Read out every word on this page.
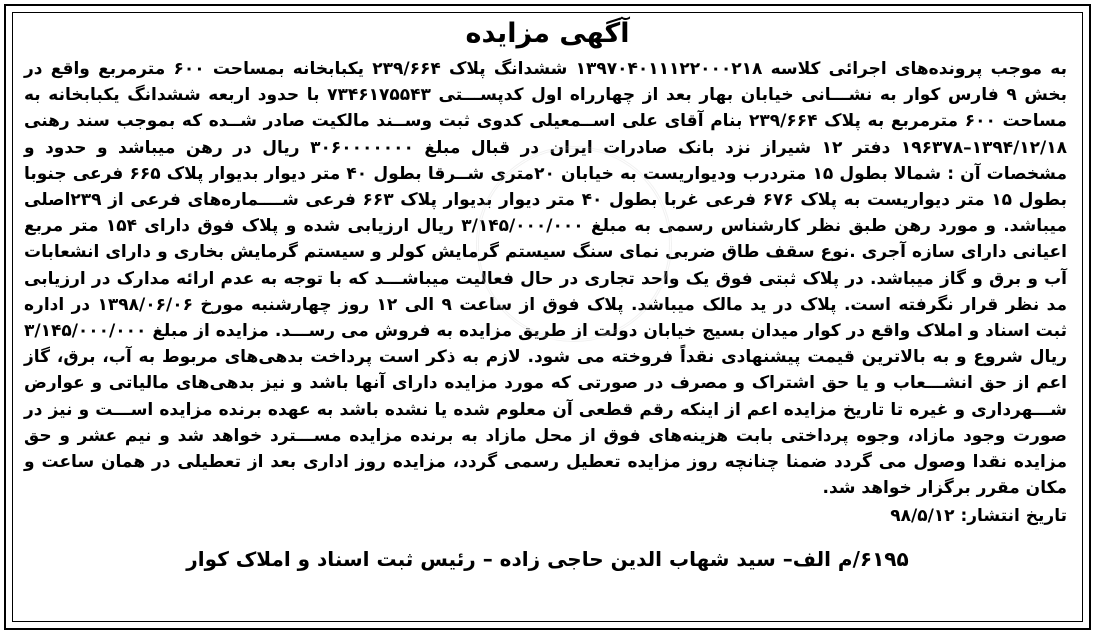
آگهی مزایده

به موجب پرونده‌های اجرائی کلاسه ۱۳۹۷۰۴۰۱۱۱۲۲۰۰۰۲۱۸ ششدانگ پلاک ۲۳۹/۶۶۴ یکبابخانه بمساحت ۶۰۰ مترمربع واقع در بخش ۹ فارس کوار به نشـــانی خیابان بهار بعد از چهارراه اول کدپســـتی ۷۳۴۶۱۷۵۵۴۳ با حدود اربعه ششدانگ یکبابخانه به مساحت ۶۰۰ مترمربع به پلاک ۲۳۹/۶۶۴ بنام آقای علی اســمعیلی کدوی ثبت وســند مالکیت صادر شــده که بموجب سند رهنی ۱۳۹۴/۱۲/۱۸–۱۹۶۳۷۸ دفتر ۱۲ شیراز نزد بانک صادرات ایران در قبال مبلغ ۳۰۶۰۰۰۰۰۰۰ ریال در رهن میباشد و حدود و مشخصات آن : شمالا بطول ۱۵ متردرب ودیواریست به خیابان ۲۰متری شــرقا بطول ۴۰ متر دیوار بدیوار پلاک ۶۶۵ فرعی جنوبا بطول ۱۵ متر دیواریست به پلاک ۶۷۶ فرعی غربا بطول ۴۰ متر دیوار بدیوار پلاک ۶۶۳ فرعی شــــماره‌های فرعی از ۲۳۹اصلی میباشد. و مورد رهن طبق نظر کارشناس رسمی به مبلغ ۳/۱۴۵/۰۰۰/۰۰۰ ریال ارزیابی شده و پلاک فوق دارای ۱۵۴ متر مربع اعیانی دارای سازه آجری .نوع سقف طاق ضربی نمای سنگ سیستم گرمایش کولر و سیستم گرمایش بخاری و دارای انشعابات آب و برق و گاز میباشد. در پلاک ثبتی فوق یک واحد تجاری در حال فعالیت میباشـــد که با توجه به عدم ارائه مدارک در ارزیابی مد نظر قرار نگرفته است. پلاک در ید مالک میباشد. پلاک فوق از ساعت ۹ الی ۱۲ روز چهارشنبه مورخ ۱۳۹۸/۰۶/۰۶ در اداره ثبت اسناد و املاک واقع در کوار میدان بسیج خیابان دولت از طریق مزایده به فروش می رســـد. مزایده از مبلغ ۳/۱۴۵/۰۰۰/۰۰۰ ریال شروع و به بالاترین قیمت پیشنهادی نقداً فروخته می شود. لازم به ذکر است پرداخت بدهی‌های مربوط به آب، برق، گاز اعم از حق انشـــعاب و یا حق اشتراک و مصرف در صورتی که مورد مزایده دارای آنها باشد و نیز بدهی‌های مالیاتی و عوارض شـــهرداری و غیره تا تاریخ مزایده اعم از اینکه رقم قطعی آن معلوم شده یا نشده باشد به عهده برنده مزایده اســـت و نیز در صورت وجود مازاد، وجوه پرداختی بابت هزینه‌های فوق از محل مازاد به برنده مزایده مســـترد خواهد شد و نیم عشر و حق مزایده نقدا وصول می گردد ضمنا چنانچه روز مزایده تعطیل رسمی گردد، مزایده روز اداری بعد از تعطیلی در همان ساعت و مکان مقرر برگزار خواهد شد.

تاریخ انتشار: ۹۸/۵/۱۲
۶۱۹۵/م الف– سید شهاب الدین حاجی زاده – رئیس ثبت اسناد و املاک کوار
